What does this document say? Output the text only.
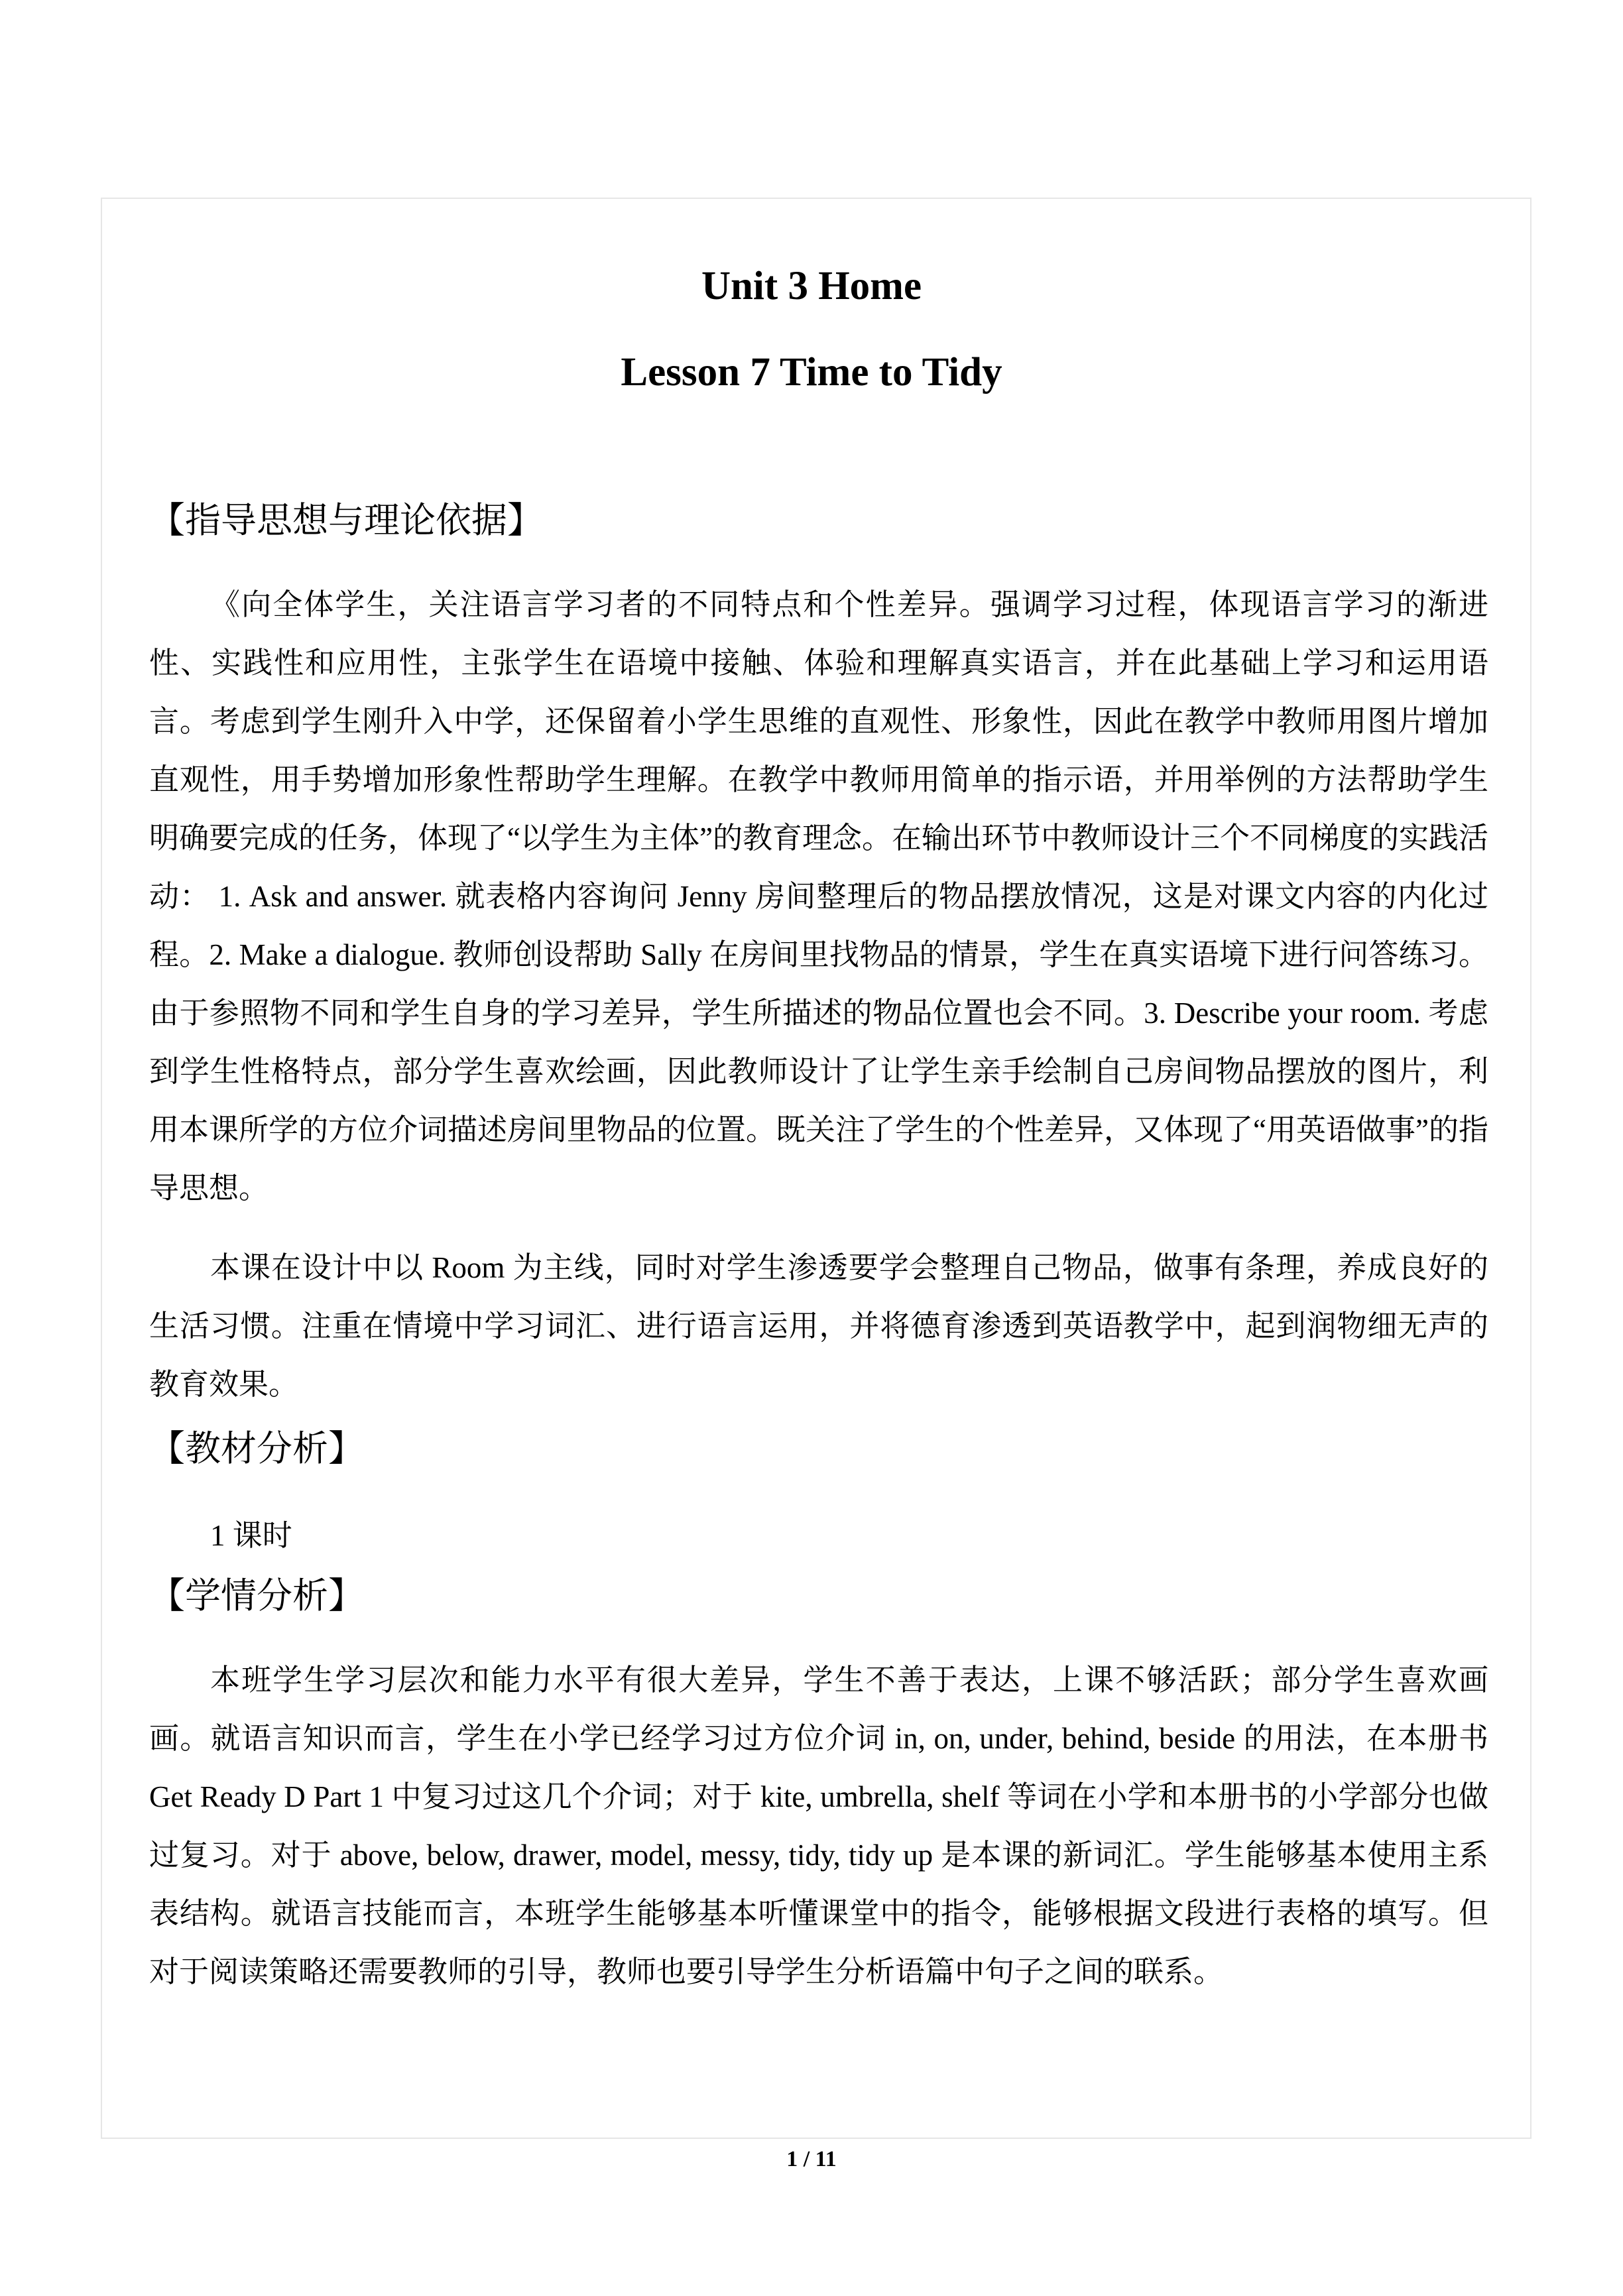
Unit 3 Home
Lesson 7 Time to Tidy
【指导思想与理论依据】

《向全体学生，关注语言学习者的不同特点和个性差异。强调学习过程，体现语言学习的渐进性、实践性和应用性，主张学生在语境中接触、体验和理解真实语言，并在此基础上学习和运用语言。考虑到学生刚升入中学，还保留着小学生思维的直观性、形象性，因此在教学中教师用图片增加直观性，用手势增加形象性帮助学生理解。在教学中教师用简单的指示语，并用举例的方法帮助学生明确要完成的任务，体现了“以学生为主体”的教育理念。在输出环节中教师设计三个不同梯度的实践活动： 1. Ask and answer. 就表格内容询问 Jenny 房间整理后的物品摆放情况，这是对课文内容的内化过程。2. Make a dialogue. 教师创设帮助 Sally 在房间里找物品的情景，学生在真实语境下进行问答练习。由于参照物不同和学生自身的学习差异，学生所描述的物品位置也会不同。3. Describe your room. 考虑到学生性格特点，部分学生喜欢绘画，因此教师设计了让学生亲手绘制自己房间物品摆放的图片，利用本课所学的方位介词描述房间里物品的位置。既关注了学生的个性差异，又体现了“用英语做事”的指导思想。

本课在设计中以 Room 为主线，同时对学生渗透要学会整理自己物品，做事有条理，养成良好的生活习惯。注重在情境中学习词汇、进行语言运用，并将德育渗透到英语教学中，起到润物细无声的教育效果。

【教材分析】
1 课时
【学情分析】

本班学生学习层次和能力水平有很大差异，学生不善于表达，上课不够活跃；部分学生喜欢画画。就语言知识而言，学生在小学已经学习过方位介词 in, on, under, behind, beside 的用法，在本册书 Get Ready D Part 1 中复习过这几个介词；对于 kite, umbrella, shelf 等词在小学和本册书的小学部分也做过复习。对于 above, below, drawer, model, messy, tidy, tidy up 是本课的新词汇。学生能够基本使用主系表结构。就语言技能而言，本班学生能够基本听懂课堂中的指令，能够根据文段进行表格的填写。但对于阅读策略还需要教师的引导，教师也要引导学生分析语篇中句子之间的联系。

1 / 11
